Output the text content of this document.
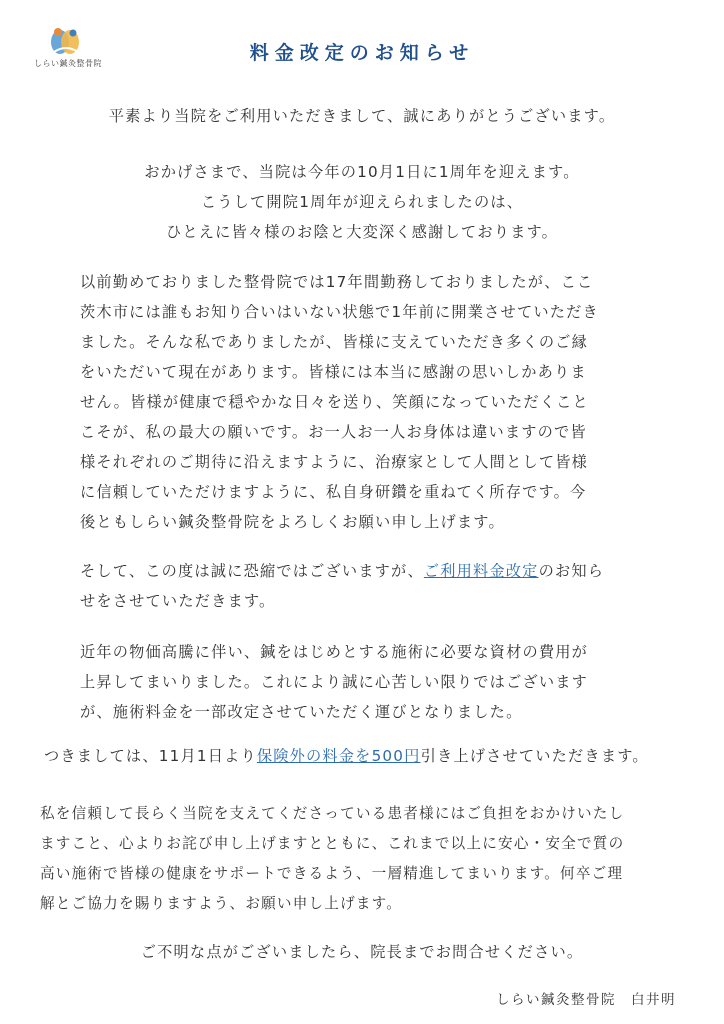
しらい鍼灸整骨院	料金改定のお知らせ
平素より当院をご利用いただきまして、誠にありがとうございます。
おかげさまで、当院は今年の10月1日に1周年を迎えます。
こうして開院1周年が迎えられましたのは、
ひとえに皆々様のお陰と大変深く感謝しております。
以前勤めておりました整骨院では17年間勤務しておりましたが、ここ
茨木市には誰もお知り合いはいない状態で1年前に開業させていただき
ました。そんな私でありましたが、皆様に支えていただき多くのご縁
をいただいて現在があります。皆様には本当に感謝の思いしかありま
せん。皆様が健康で穏やかな日々を送り、笑顔になっていただくこと
こそが、私の最大の願いです。お一人お一人お身体は違いますので皆
様それぞれのご期待に沿えますように、治療家として人間として皆様
に信頼していただけますように、私自身研鑽を重ねてく所存です。今
後ともしらい鍼灸整骨院をよろしくお願い申し上げます。
そして、この度は誠に恐縮ではございますが、ご利用料金改定のお知ら
せをさせていただきます。
近年の物価高騰に伴い、鍼をはじめとする施術に必要な資材の費用が
上昇してまいりました。これにより誠に心苦しい限りではございます
が、施術料金を一部改定させていただく運びとなりました。
つきましては、11月1日より保険外の料金を500円引き上げさせていただきます。
私を信頼して長らく当院を支えてくださっている患者様にはご負担をおかけいたし
ますこと、心よりお詫び申し上げますとともに、これまで以上に安心・安全で質の
高い施術で皆様の健康をサポートできるよう、一層精進してまいります。何卒ご理
解とご協力を賜りますよう、お願い申し上げます。
ご不明な点がございましたら、院長までお問合せください。
しらい鍼灸整骨院　白井明
